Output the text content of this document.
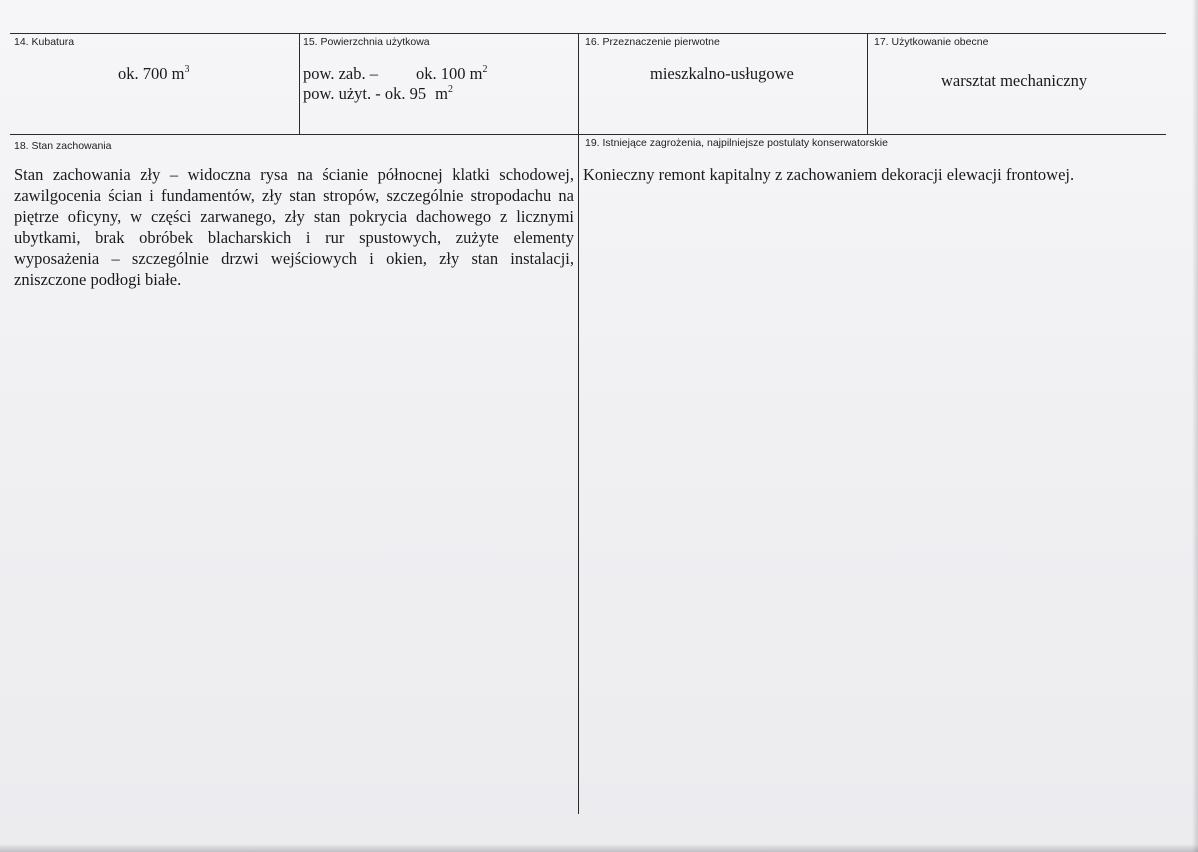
14. Kubatura
ok. 700 $m^3$
15. Powierzchnia użytkowa
pow. zab. – ok. 100 $m^2$
pow. użyt. - ok. 95 $m^2$
16. Przeznaczenie pierwotne
mieszkalno-usługowe
17. Użytkowanie obecne
warsztat mechaniczny
18. Stan zachowania
Stan zachowania zły – widoczna rysa na ścianie północnej klatki schodowej, zawilgocenia ścian i fundamentów, zły stan stropów, szczególnie stropodachu na piętrze oficyny, w części zarwanego, zły stan pokrycia dachowego z licznymi ubytkami, brak obróbek blacharskich i rur spustowych, zużyte elementy wyposażenia – szczególnie drzwi wejściowych i okien, zły stan instalacji, zniszczone podłogi białe.
19. Istniejące zagrożenia, najpilniejsze postulaty konserwatorskie
Konieczny remont kapitalny z zachowaniem dekoracji elewacji frontowej.
